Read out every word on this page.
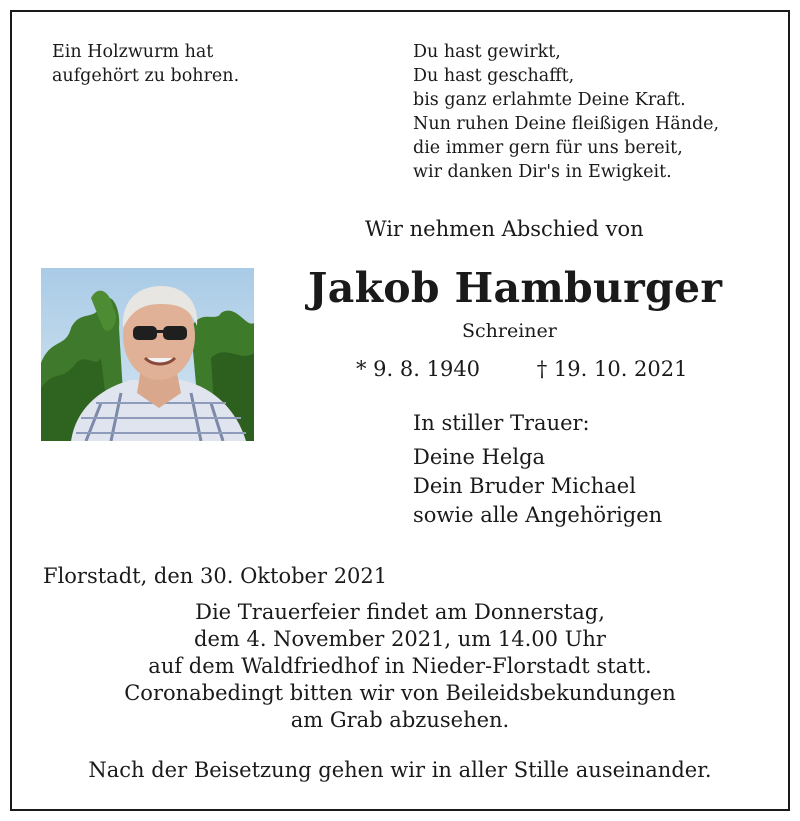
Ein Holzwurm hat
aufgehört zu bohren.
Du hast gewirkt,
Du hast geschafft,
bis ganz erlahmte Deine Kraft.
Nun ruhen Deine fleißigen Hände,
die immer gern für uns bereit,
wir danken Dir's in Ewigkeit.
Wir nehmen Abschied von
Jakob Hamburger
Schreiner
* 9. 8. 1940	† 19. 10. 2021
In stiller Trauer:
Deine Helga
Dein Bruder Michael
sowie alle Angehörigen
Florstadt, den 30. Oktober 2021
Die Trauerfeier findet am Donnerstag,
dem 4. November 2021, um 14.00 Uhr
auf dem Waldfriedhof in Nieder-Florstadt statt.
Coronabedingt bitten wir von Beileidsbekundungen
am Grab abzusehen.
Nach der Beisetzung gehen wir in aller Stille auseinander.
